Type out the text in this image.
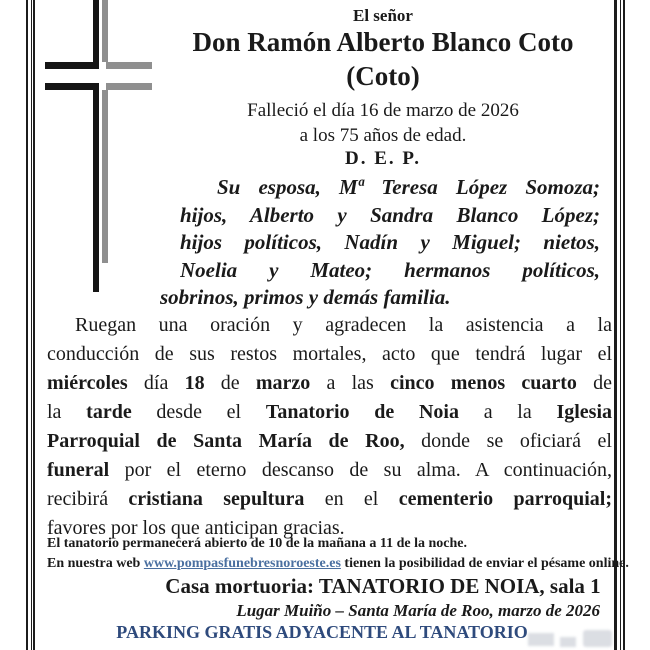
El señor
Don Ramón Alberto Blanco Coto
(Coto)
Falleció el día 16 de marzo de 2026
a los 75 años de edad.
D. E. P.
Su esposa, Mª Teresa López Somoza;
hijos, Alberto y Sandra Blanco López;
hijos políticos, Nadín y Miguel; nietos,
Noelia y Mateo; hermanos políticos,
sobrinos, primos y demás familia.
Ruegan una oración y agradecen la asistencia a la
conducción de sus restos mortales, acto que tendrá lugar el
miércoles día 18 de marzo a las cinco menos cuarto de
la tarde desde el Tanatorio de Noia a la Iglesia
Parroquial de Santa María de Roo, donde se oficiará el
funeral por el eterno descanso de su alma. A continuación,
recibirá cristiana sepultura en el cementerio parroquial;
favores por los que anticipan gracias.
El tanatorio permanecerá abierto de 10 de la mañana a 11 de la noche.
En nuestra web www.pompasfunebresnoroeste.es tienen la posibilidad de enviar el pésame online.
Casa mortuoria: TANATORIO DE NOIA, sala 1
Lugar Muiño – Santa María de Roo, marzo de 2026
PARKING GRATIS ADYACENTE AL TANATORIO
